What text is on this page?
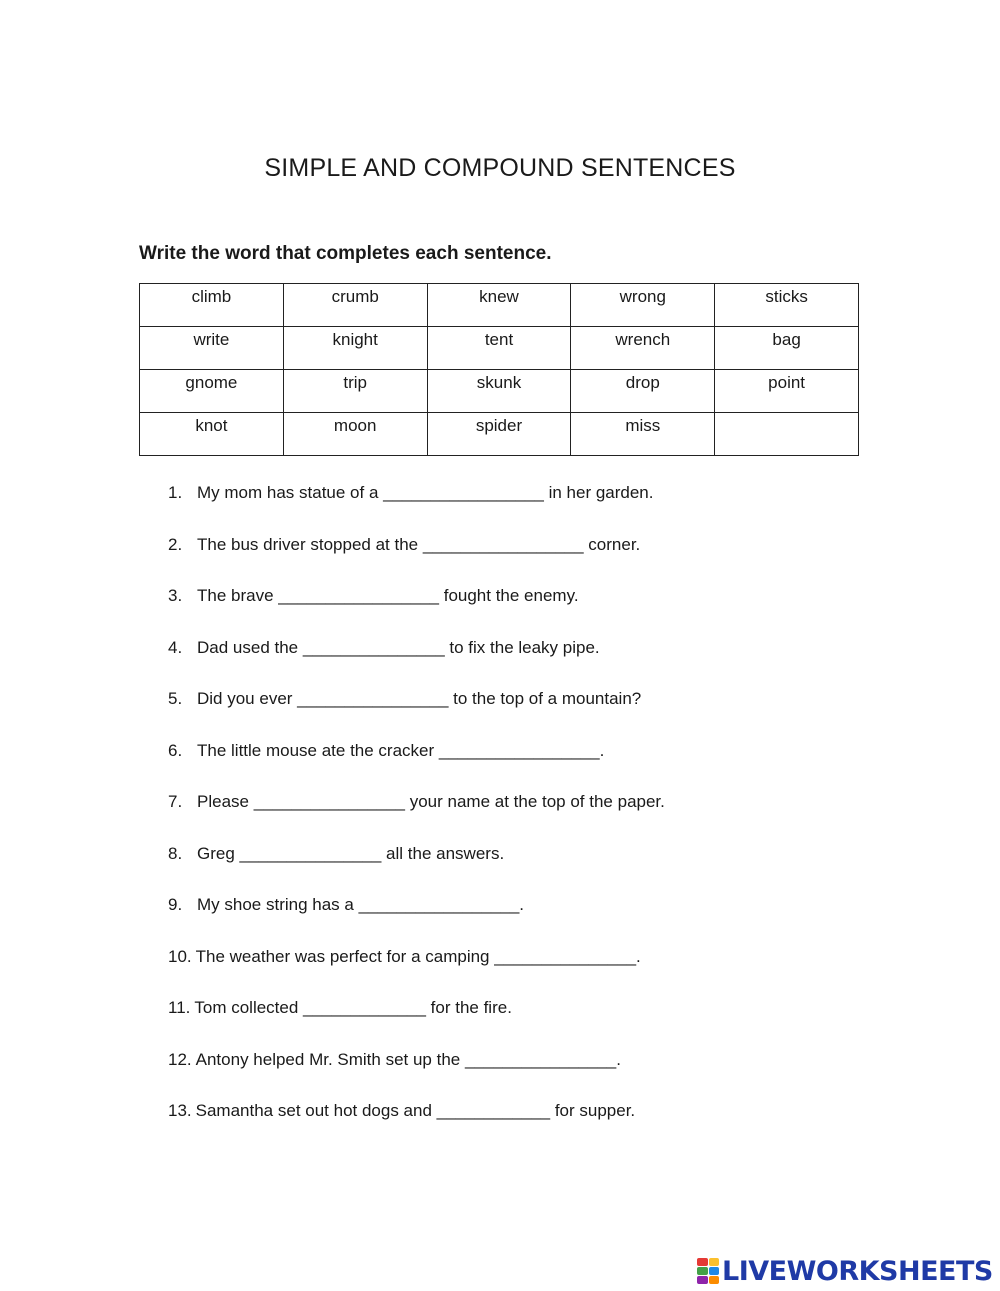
SIMPLE AND COMPOUND SENTENCES
Write the word that completes each sentence.
climb	crumb	knew	wrong	sticks
write	knight	tent	wrench	bag
gnome	trip	skunk	drop	point
knot	moon	spider	miss	
1. My mom has statue of a _________________ in her garden.
2. The bus driver stopped at the _________________ corner.
3. The brave _________________ fought the enemy.
4. Dad used the _______________ to fix the leaky pipe.
5. Did you ever ________________ to the top of a mountain?
6. The little mouse ate the cracker _________________.
7. Please ________________ your name at the top of the paper.
8. Greg _______________ all the answers.
9. My shoe string has a _________________.
10. The weather was perfect for a camping _______________.
11. Tom collected _____________ for the fire.
12. Antony helped Mr. Smith set up the ________________.
13. Samantha set out hot dogs and ____________ for supper.
LIVEWORKSHEETS
